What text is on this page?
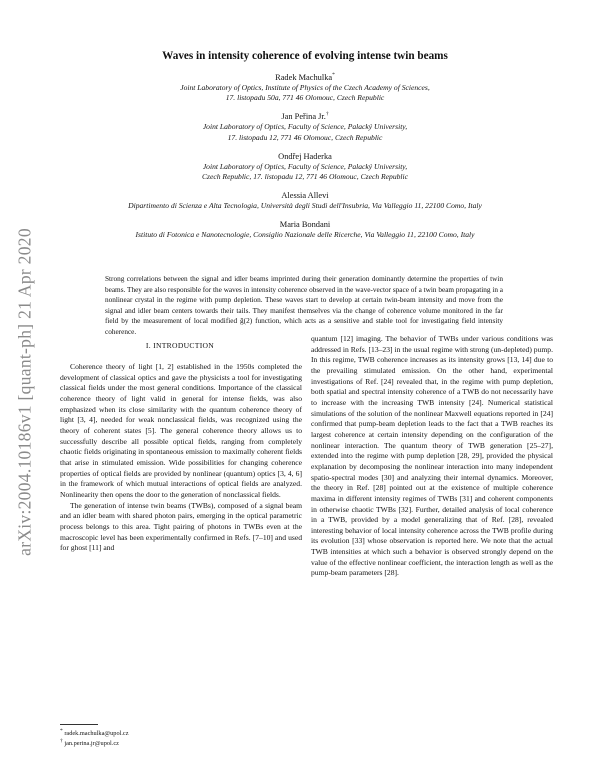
arXiv:2004.10186v1 [quant-ph] 21 Apr 2020
Waves in intensity coherence of evolving intense twin beams
Radek Machulka*
Joint Laboratory of Optics, Institute of Physics of the Czech Academy of Sciences,
17. listopadu 50a, 771 46 Olomouc, Czech Republic
Jan Peřina Jr.†
Joint Laboratory of Optics, Faculty of Science, Palacký University,
17. listopadu 12, 771 46 Olomouc, Czech Republic
Ondřej Haderka
Joint Laboratory of Optics, Faculty of Science, Palacký University,
Czech Republic, 17. listopadu 12, 771 46 Olomouc, Czech Republic
Alessia Allevi
Dipartimento di Scienza e Alta Tecnologia, Università degli Studi dell'Insubria, Via Valleggio 11, 22100 Como, Italy
Maria Bondani
Istituto di Fotonica e Nanotecnologie, Consiglio Nazionale delle Ricerche, Via Valleggio 11, 22100 Como, Italy
Strong correlations between the signal and idler beams imprinted during their generation dominantly determine the properties of twin beams. They are also responsible for the waves in intensity coherence observed in the wave-vector space of a twin beam propagating in a nonlinear crystal in the regime with pump depletion. These waves start to develop at certain twin-beam intensity and move from the signal and idler beam centers towards their tails. They manifest themselves via the change of coherence volume monitored in the far field by the measurement of local modified ḡ(2) function, which acts as a sensitive and stable tool for investigating field intensity coherence.
I. INTRODUCTION

Coherence theory of light [1, 2] established in the 1950s completed the development of classical optics and gave the physicists a tool for investigating classical fields under the most general conditions. Importance of the classical coherence theory of light valid in general for intense fields, was also emphasized when its close similarity with the quantum coherence theory of light [3, 4], needed for weak nonclassical fields, was recognized using the theory of coherent states [5]. The general coherence theory allows us to successfully describe all possible optical fields, ranging from completely chaotic fields originating in spontaneous emission to maximally coherent fields that arise in stimulated emission. Wide possibilities for changing coherence properties of optical fields are provided by nonlinear (quantum) optics [3, 4, 6] in the framework of which mutual interactions of optical fields are analyzed. Nonlinearity then opens the door to the generation of nonclassical fields.

The generation of intense twin beams (TWBs), composed of a signal beam and an idler beam with shared photon pairs, emerging in the optical parametric process belongs to this area. Tight pairing of photons in TWBs even at the macroscopic level has been experimentally confirmed in Refs. [7–10] and used for ghost [11] and

quantum [12] imaging. The behavior of TWBs under various conditions was addressed in Refs. [13–23] in the usual regime with strong (un-depleted) pump. In this regime, TWB coherence increases as its intensity grows [13, 14] due to the prevailing stimulated emission. On the other hand, experimental investigations of Ref. [24] revealed that, in the regime with pump depletion, both spatial and spectral intensity coherence of a TWB do not necessarily have to increase with the increasing TWB intensity [24]. Numerical statistical simulations of the solution of the nonlinear Maxwell equations reported in [24] confirmed that pump-beam depletion leads to the fact that a TWB reaches its largest coherence at certain intensity depending on the configuration of the nonlinear interaction. The quantum theory of TWB generation [25–27], extended into the regime with pump depletion [28, 29], provided the physical explanation by decomposing the nonlinear interaction into many independent spatio-spectral modes [30] and analyzing their internal dynamics. Moreover, the theory in Ref. [28] pointed out at the existence of multiple coherence maxima in different intensity regimes of TWBs [31] and coherent components in otherwise chaotic TWBs [32]. Further, detailed analysis of local coherence in a TWB, provided by a model generalizing that of Ref. [28], revealed interesting behavior of local intensity coherence across the TWB profile during its evolution [33] whose observation is reported here. We note that the actual TWB intensities at which such a behavior is observed strongly depend on the value of the effective nonlinear coefficient, the interaction length as well as the pump-beam parameters [28].

* radek.machulka@upol.cz
† jan.perina.jr@upol.cz
